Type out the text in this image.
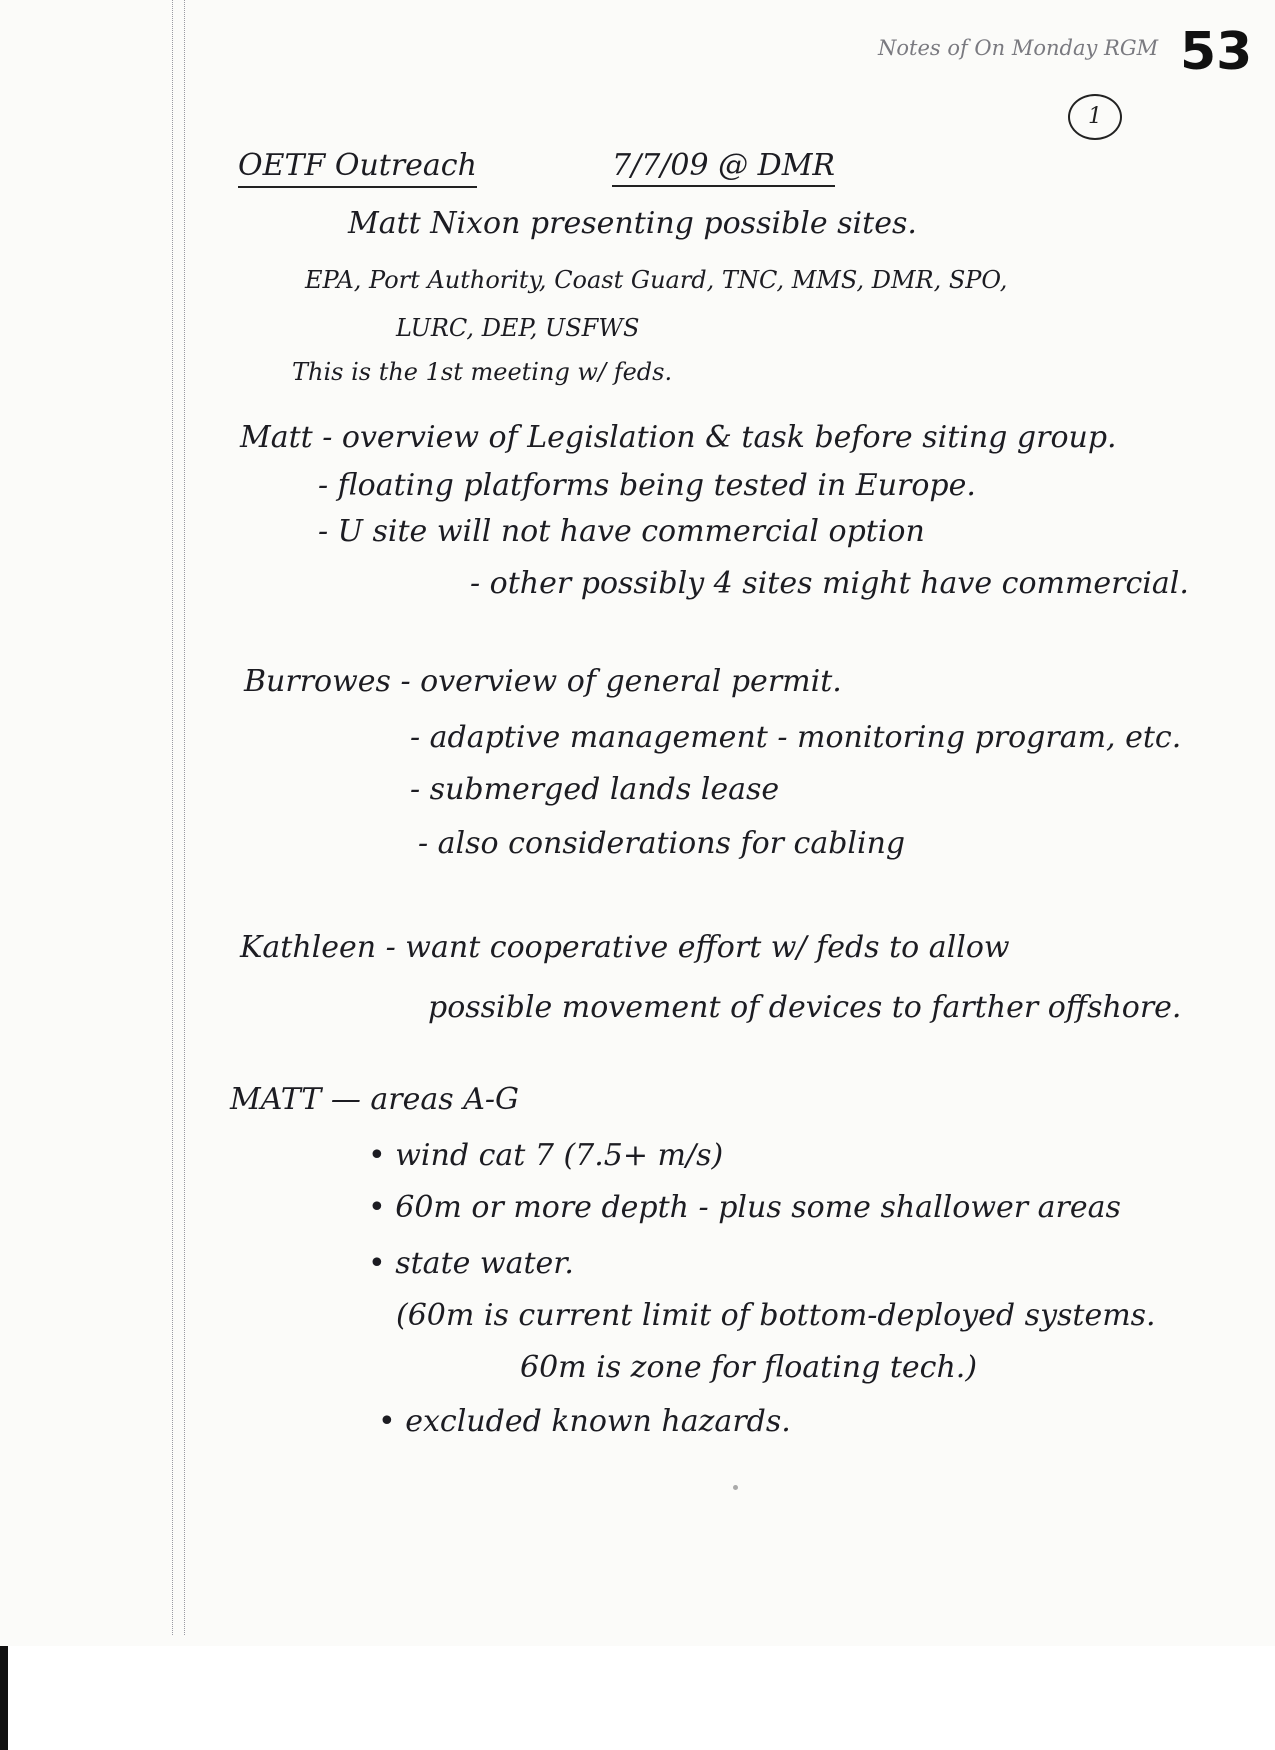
Notes of On Monday RGM 53
1
OETF Outreach	7/7/09 @ DMR
Matt Nixon presenting possible sites.
EPA, Port Authority, Coast Guard, TNC, MMS, DMR, SPO,
LURC, DEP, USFWS
This is the 1st meeting w/ feds.
Matt - overview of Legislation & task before siting group.
- floating platforms being tested in Europe.
- U site will not have commercial option
- other possibly 4 sites might have commercial.
Burrowes - overview of general permit.
- adaptive management - monitoring program, etc.
- submerged lands lease
- also considerations for cabling
Kathleen - want cooperative effort w/ feds to allow
possible movement of devices to farther offshore.
MATT — areas A-G
• wind cat 7 (7.5+ m/s)
• 60m or more depth - plus some shallower areas
• state water.
(60m is current limit of bottom-deployed systems.
60m is zone for floating tech.)
• excluded known hazards.
